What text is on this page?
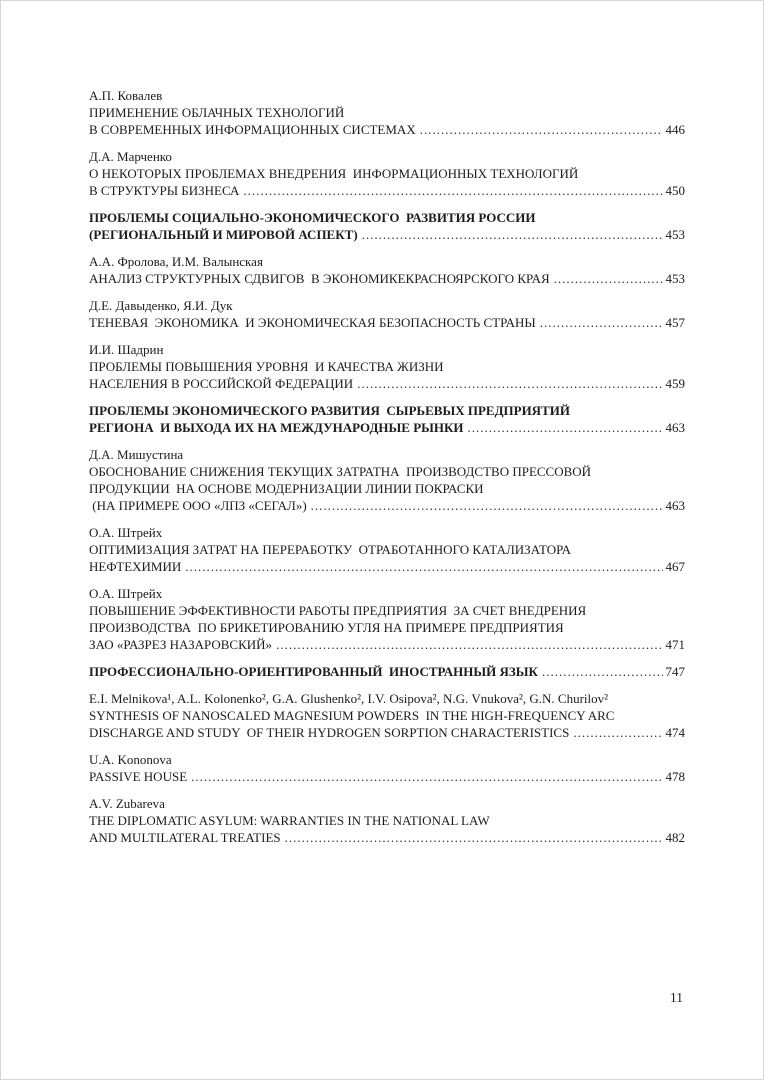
А.П. Ковалев
ПРИМЕНЕНИЕ ОБЛАЧНЫХ ТЕХНОЛОГИЙ
В СОВРЕМЕННЫХ ИНФОРМАЦИОННЫХ СИСТЕМАХ .....	446
Д.А. Марченко
О НЕКОТОРЫХ ПРОБЛЕМАХ ВНЕДРЕНИЯ  ИНФОРМАЦИОННЫХ ТЕХНОЛОГИЙ
В СТРУКТУРЫ БИЗНЕСА .....	450
ПРОБЛЕМЫ СОЦИАЛЬНО-ЭКОНОМИЧЕСКОГО  РАЗВИТИЯ РОССИИ
(РЕГИОНАЛЬНЫЙ И МИРОВОЙ АСПЕКТ) .....	453
А.А. Фролова, И.М. Валынская
АНАЛИЗ СТРУКТУРНЫХ СДВИГОВ  В ЭКОНОМИКЕКРАСНОЯРСКОГО КРАЯ .....	453
Д.Е. Давыденко, Я.И. Дук
ТЕНЕВАЯ  ЭКОНОМИКА  И ЭКОНОМИЧЕСКАЯ БЕЗОПАСНОСТЬ СТРАНЫ .....	457
И.И. Шадрин
ПРОБЛЕМЫ ПОВЫШЕНИЯ УРОВНЯ  И КАЧЕСТВА ЖИЗНИ
НАСЕЛЕНИЯ В РОССИЙСКОЙ ФЕДЕРАЦИИ .....	459
ПРОБЛЕМЫ ЭКОНОМИЧЕСКОГО РАЗВИТИЯ  СЫРЬЕВЫХ ПРЕДПРИЯТИЙ
РЕГИОНА  И ВЫХОДА ИХ НА МЕЖДУНАРОДНЫЕ РЫНКИ .....	463
Д.А. Мишустина
ОБОСНОВАНИЕ СНИЖЕНИЯ ТЕКУЩИХ ЗАТРАТНА  ПРОИЗВОДСТВО ПРЕССОВОЙ
ПРОДУКЦИИ  НА ОСНОВЕ МОДЕРНИЗАЦИИ ЛИНИИ ПОКРАСКИ
(НА ПРИМЕРЕ ООО «ЛПЗ «СЕГАЛ») .....	463
О.А. Штрейх
ОПТИМИЗАЦИЯ ЗАТРАТ НА ПЕРЕРАБОТКУ  ОТРАБОТАННОГО КАТАЛИЗАТОРА
НЕФТЕХИМИИ .....	467
О.А. Штрейх
ПОВЫШЕНИЕ ЭФФЕКТИВНОСТИ РАБОТЫ ПРЕДПРИЯТИЯ  ЗА СЧЕТ ВНЕДРЕНИЯ
ПРОИЗВОДСТВА  ПО БРИКЕТИРОВАНИЮ УГЛЯ НА ПРИМЕРЕ ПРЕДПРИЯТИЯ
ЗАО «РАЗРЕЗ НАЗАРОВСКИЙ» .....	471
ПРОФЕССИОНАЛЬНО-ОРИЕНТИРОВАННЫЙ  ИНОСТРАННЫЙ ЯЗЫК .....	747
E.I. Melnikova¹, A.L. Kolonenko², G.A. Glushenko², I.V. Osipova², N.G. Vnukova², G.N. Churilov²
SYNTHESIS OF NANOSCALED MAGNESIUM POWDERS  IN THE HIGH-FREQUENCY ARC
DISCHARGE AND STUDY  OF THEIR HYDROGEN SORPTION CHARACTERISTICS .....	474
U.A. Kononova
PASSIVE HOUSE .....	478
A.V. Zubareva
THE DIPLOMATIC ASYLUM: WARRANTIES IN THE NATIONAL LAW
AND MULTILATERAL TREATIES .....	482
11
